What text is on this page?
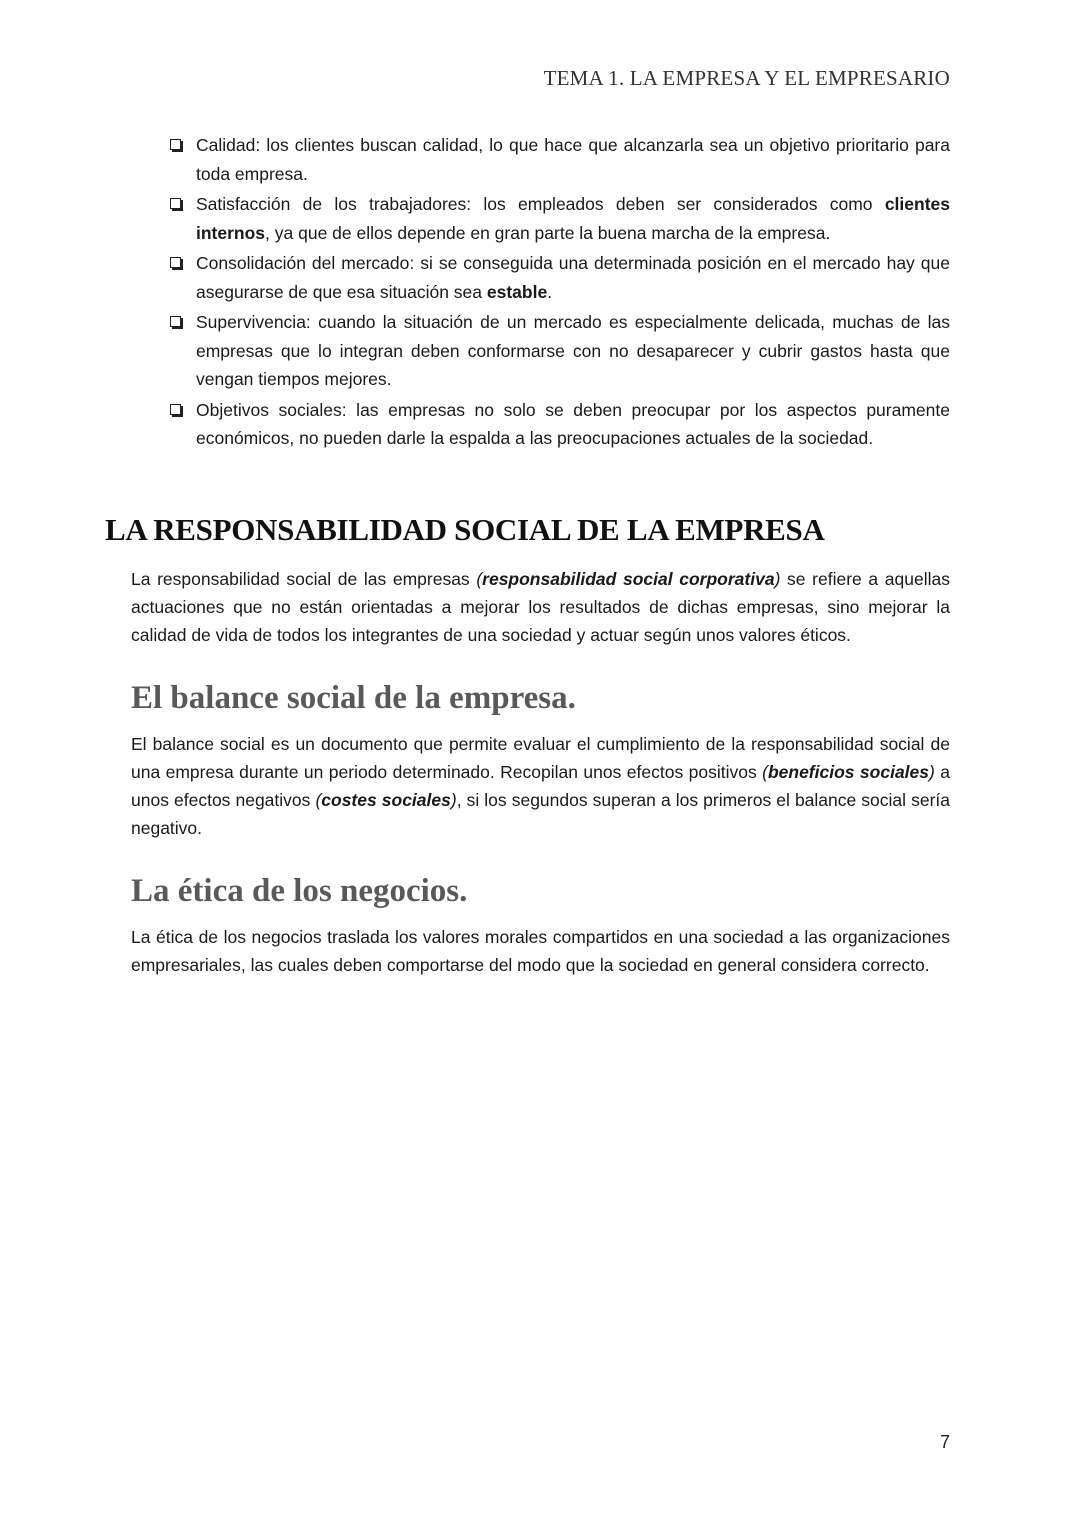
TEMA 1. LA EMPRESA Y EL EMPRESARIO
Calidad: los clientes buscan calidad, lo que hace que alcanzarla sea un objetivo prioritario para toda empresa.
Satisfacción de los trabajadores: los empleados deben ser considerados como clientes internos, ya que de ellos depende en gran parte la buena marcha de la empresa.
Consolidación del mercado: si se conseguida una determinada posición en el mercado hay que asegurarse de que esa situación sea estable.
Supervivencia: cuando la situación de un mercado es especialmente delicada, muchas de las empresas que lo integran deben conformarse con no desaparecer y cubrir gastos hasta que vengan tiempos mejores.
Objetivos sociales: las empresas no solo se deben preocupar por los aspectos puramente económicos, no pueden darle la espalda a las preocupaciones actuales de la sociedad.
LA RESPONSABILIDAD SOCIAL DE LA EMPRESA

La responsabilidad social de las empresas (responsabilidad social corporativa) se refiere a aquellas actuaciones que no están orientadas a mejorar los resultados de dichas empresas, sino mejorar la calidad de vida de todos los integrantes de una sociedad y actuar según unos valores éticos.

El balance social de la empresa.

El balance social es un documento que permite evaluar el cumplimiento de la responsabilidad social de una empresa durante un periodo determinado. Recopilan unos efectos positivos (beneficios sociales) a unos efectos negativos (costes sociales), si los segundos superan a los primeros el balance social sería negativo.

La ética de los negocios.

La ética de los negocios traslada los valores morales compartidos en una sociedad a las organizaciones empresariales, las cuales deben comportarse del modo que la sociedad en general considera correcto.

7
